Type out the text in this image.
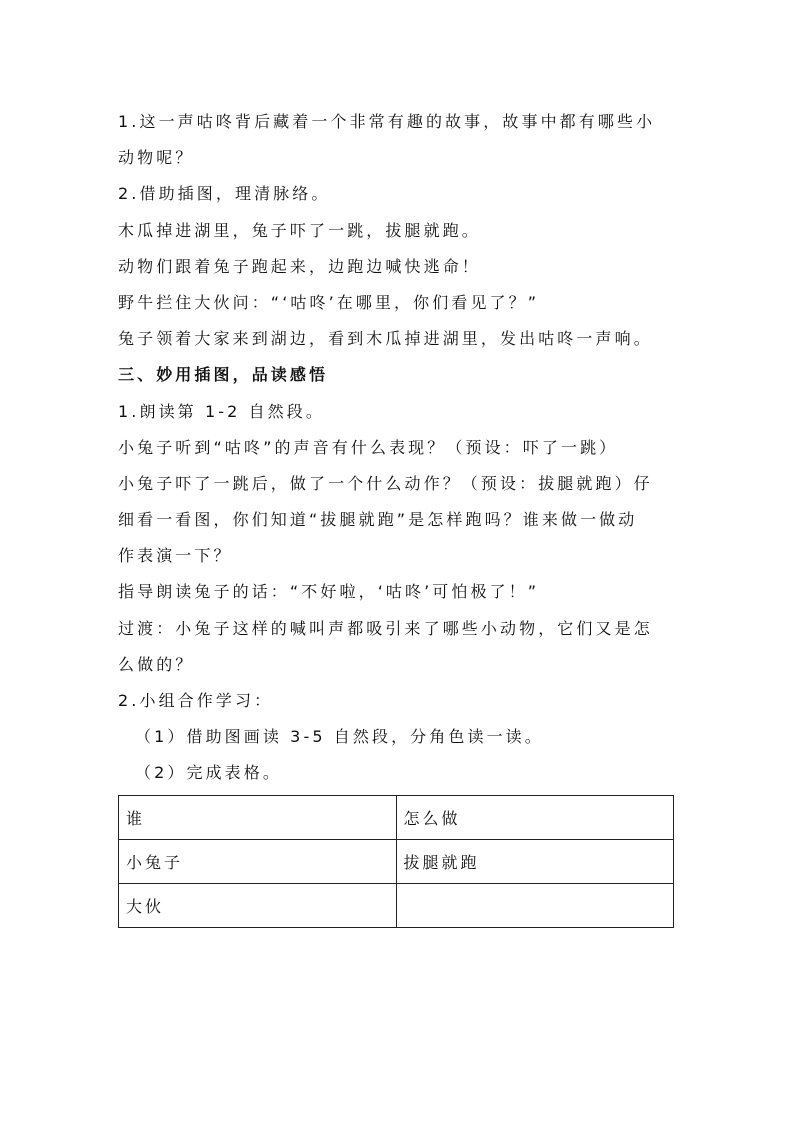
1.这一声咕咚背后藏着一个非常有趣的故事，故事中都有哪些小

动物呢？

2.借助插图，理清脉络。

木瓜掉进湖里，兔子吓了一跳，拔腿就跑。

动物们跟着兔子跑起来，边跑边喊快逃命！

野牛拦住大伙问：“‘咕咚’在哪里，你们看见了？”

兔子领着大家来到湖边，看到木瓜掉进湖里，发出咕咚一声响。

三、妙用插图，品读感悟

1.朗读第 1-2 自然段。

小兔子听到“咕咚”的声音有什么表现？（预设：吓了一跳）

小兔子吓了一跳后，做了一个什么动作？（预设：拔腿就跑）仔

细看一看图，你们知道“拔腿就跑”是怎样跑吗？谁来做一做动

作表演一下？

指导朗读兔子的话：“不好啦，‘咕咚’可怕极了！”

过渡：小兔子这样的喊叫声都吸引来了哪些小动物，它们又是怎

么做的？

2.小组合作学习：

（1）借助图画读 3-5 自然段，分角色读一读。

（2）完成表格。

谁	怎么做
小兔子	拔腿就跑
大伙	
